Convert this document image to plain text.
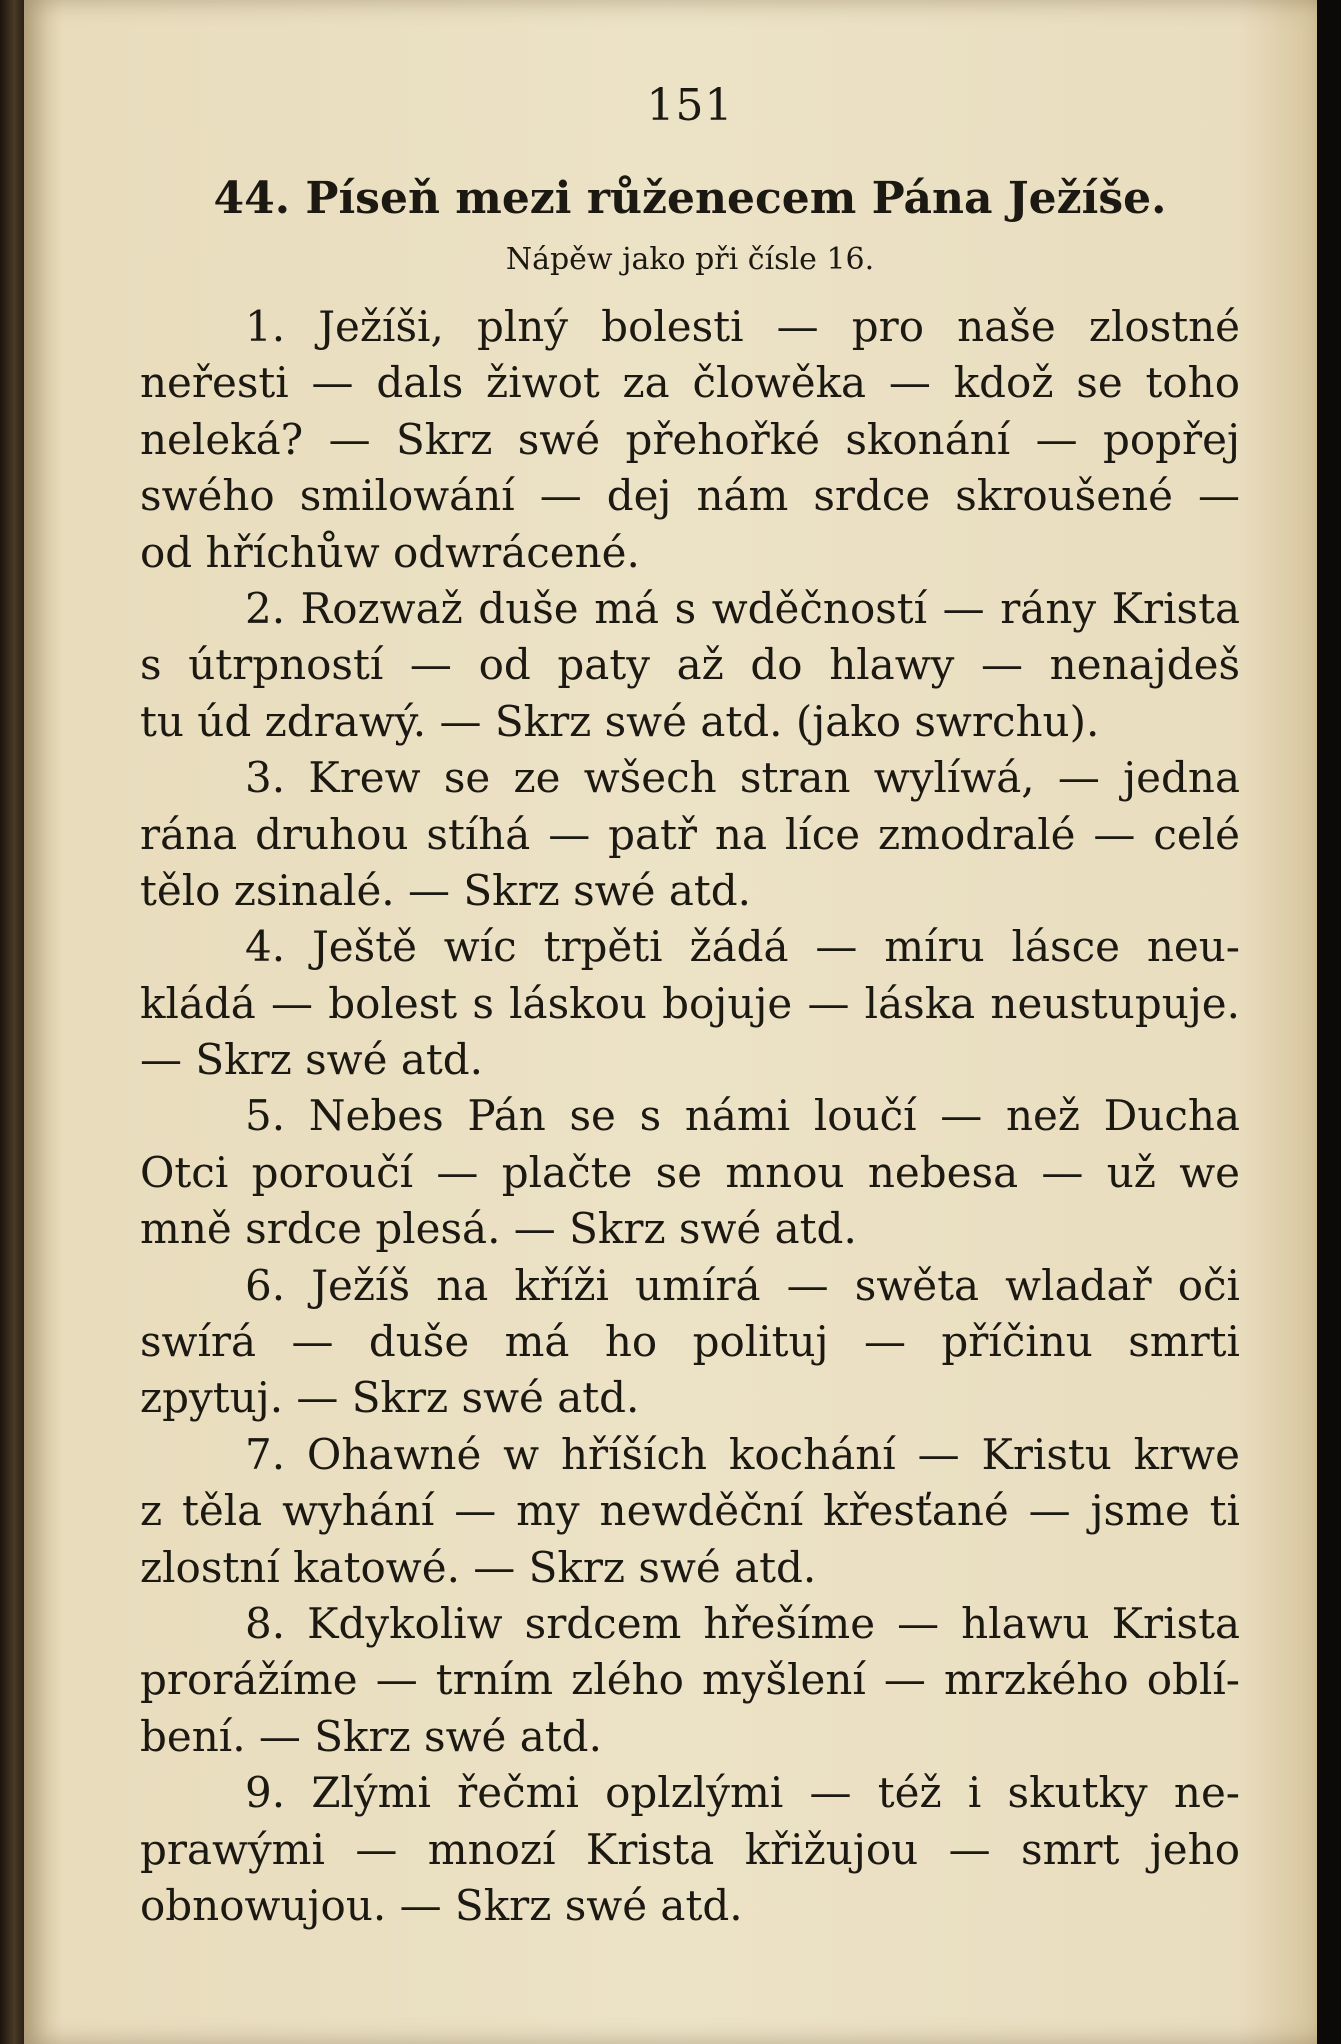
151
44. Píseň mezi růženecem Pána Ježíše.
Nápěw jako při čísle 16.
1. Ježíši, plný bolesti — pro naše zlostné
neřesti — dals žiwot za člowěka — kdož se toho
neleká? — Skrz swé přehořké skonání — popřej
swého smilowání — dej nám srdce skroušené —
od hříchůw odwrácené.
2. Rozwaž duše má s wděčností — rány Krista
s útrpností — od paty až do hlawy — nenajdeš
tu úd zdrawý. — Skrz swé atd. (jako swrchu).
3. Krew se ze wšech stran wylíwá, — jedna
rána druhou stíhá — patř na líce zmodralé — celé
tělo zsinalé. — Skrz swé atd.
4. Ještě wíc trpěti žádá — míru lásce neu-
kládá — bolest s láskou bojuje — láska neustupuje.
— Skrz swé atd.
5. Nebes Pán se s námi loučí — než Ducha
Otci poroučí — plačte se mnou nebesa — už we
mně srdce plesá. — Skrz swé atd.
6. Ježíš na kříži umírá — swěta wladař oči
swírá — duše má ho polituj — příčinu smrti
zpytuj. — Skrz swé atd.
7. Ohawné w hříších kochání — Kristu krwe
z těla wyhání — my newděční křesťané — jsme ti
zlostní katowé. — Skrz swé atd.
8. Kdykoliw srdcem hřešíme — hlawu Krista
prorážíme — trním zlého myšlení — mrzkého oblí-
bení. — Skrz swé atd.
9. Zlými řečmi oplzlými — též i skutky ne-
prawými — mnozí Krista křižujou — smrt jeho
obnowujou. — Skrz swé atd.
